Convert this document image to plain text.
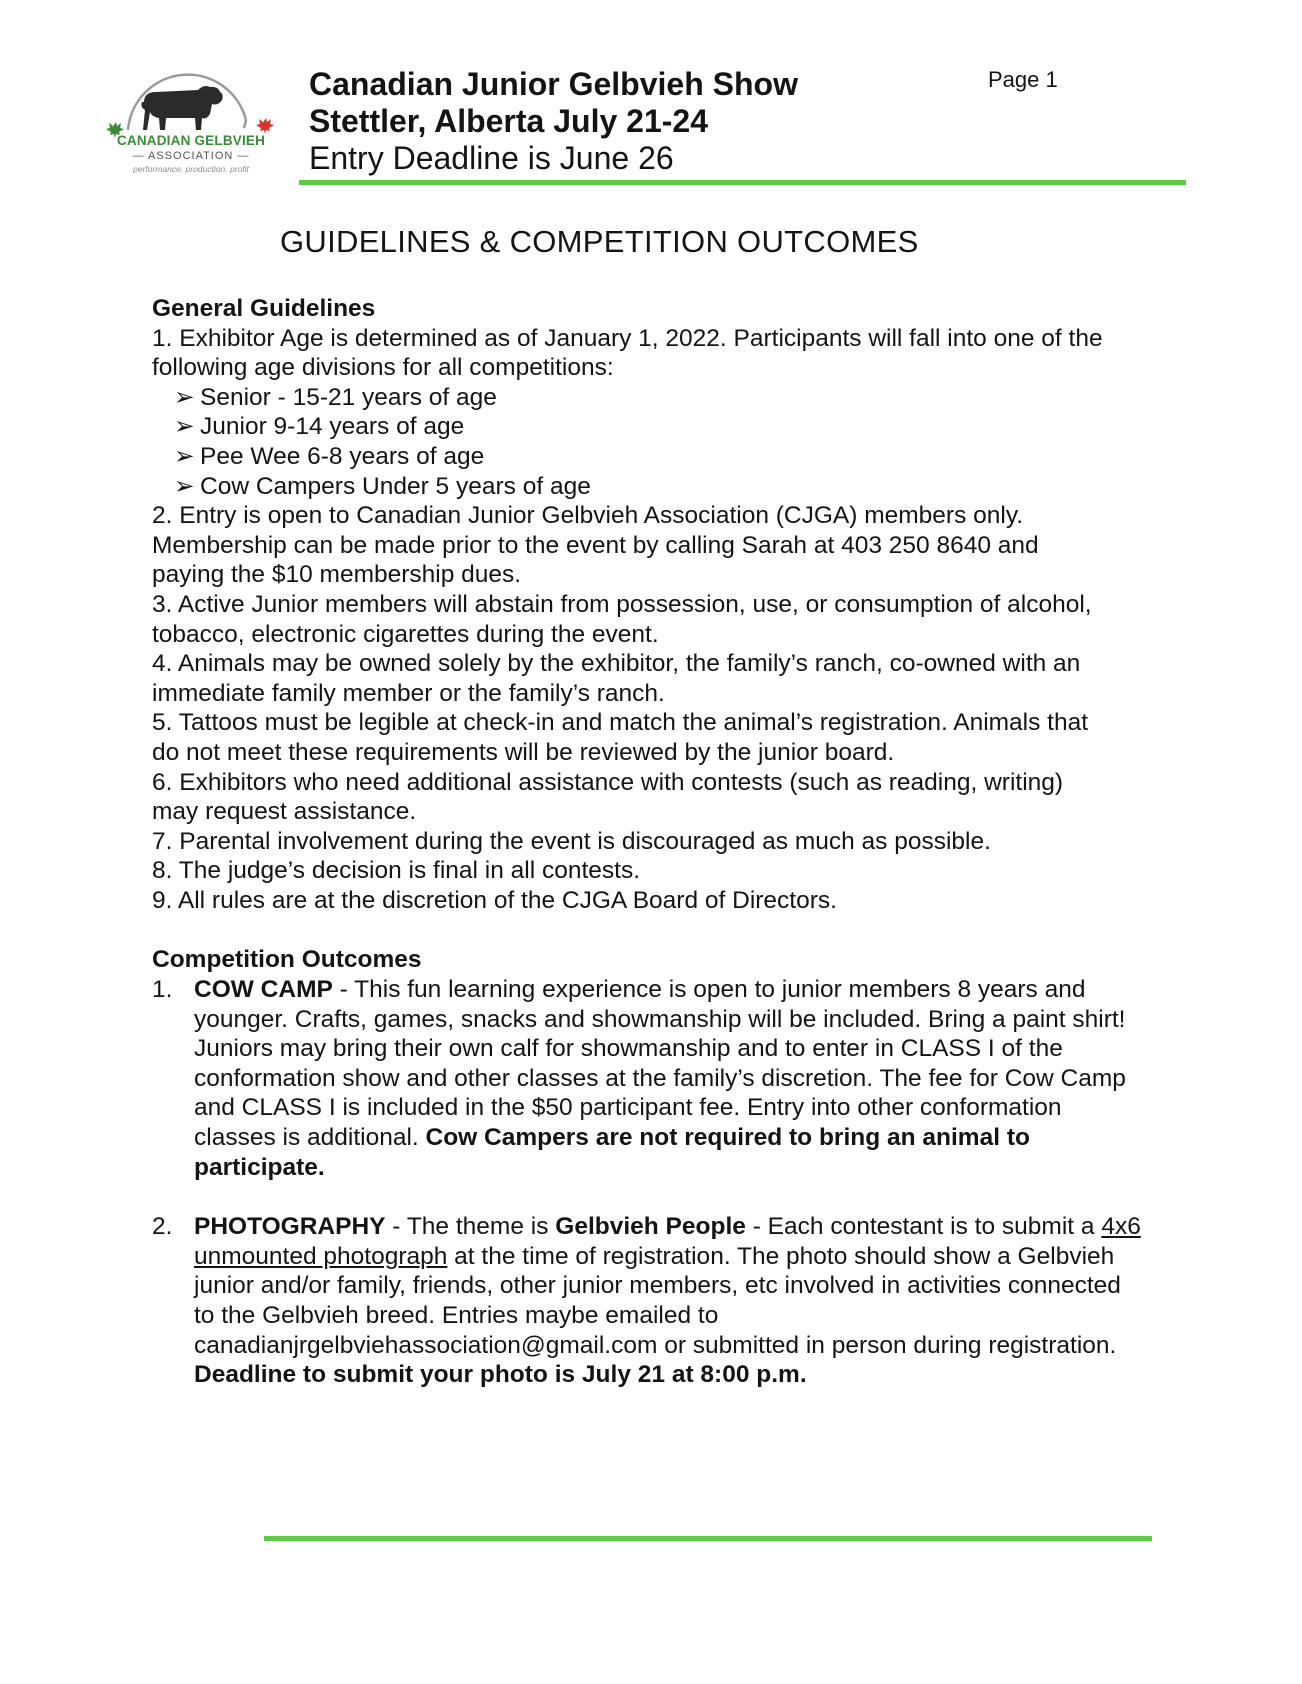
CANADIAN GELBVIEH
— ASSOCIATION —
performance. production. profit

Canadian Junior Gelbvieh Show

Stettler, Alberta July 21-24

Entry Deadline is June 26

Page 1
GUIDELINES & COMPETITION OUTCOMES

General Guidelines

1. Exhibitor Age is determined as of January 1, 2022. Participants will fall into one of the

following age divisions for all competitions:

➢ Senior - 15-21 years of age

➢ Junior 9-14 years of age

➢ Pee Wee 6-8 years of age

➢ Cow Campers Under 5 years of age

2. Entry is open to Canadian Junior Gelbvieh Association (CJGA) members only.

Membership can be made prior to the event by calling Sarah at 403 250 8640 and

paying the $10 membership dues.

3. Active Junior members will abstain from possession, use, or consumption of alcohol,

tobacco, electronic cigarettes during the event.

4. Animals may be owned solely by the exhibitor, the family’s ranch, co-owned with an

immediate family member or the family’s ranch.

5. Tattoos must be legible at check-in and match the animal’s registration. Animals that

do not meet these requirements will be reviewed by the junior board.

6. Exhibitors who need additional assistance with contests (such as reading, writing)

may request assistance.

7. Parental involvement during the event is discouraged as much as possible.

8. The judge’s decision is final in all contests.

9. All rules are at the discretion of the CJGA Board of Directors.

Competition Outcomes

1. COW CAMP - This fun learning experience is open to junior members 8 years and younger. Crafts, games, snacks and showmanship will be included. Bring a paint shirt! Juniors may bring their own calf for showmanship and to enter in CLASS I of the conformation show and other classes at the family’s discretion. The fee for Cow Camp and CLASS I is included in the $50 participant fee. Entry into other conformation classes is additional. Cow Campers are not required to bring an animal to participate.

2. PHOTOGRAPHY - The theme is Gelbvieh People - Each contestant is to submit a 4x6 unmounted photograph at the time of registration. The photo should show a Gelbvieh junior and/or family, friends, other junior members, etc involved in activities connected to the Gelbvieh breed. Entries maybe emailed to canadianjrgelbviehassociation@gmail.com or submitted in person during registration. Deadline to submit your photo is July 21 at 8:00 p.m.
